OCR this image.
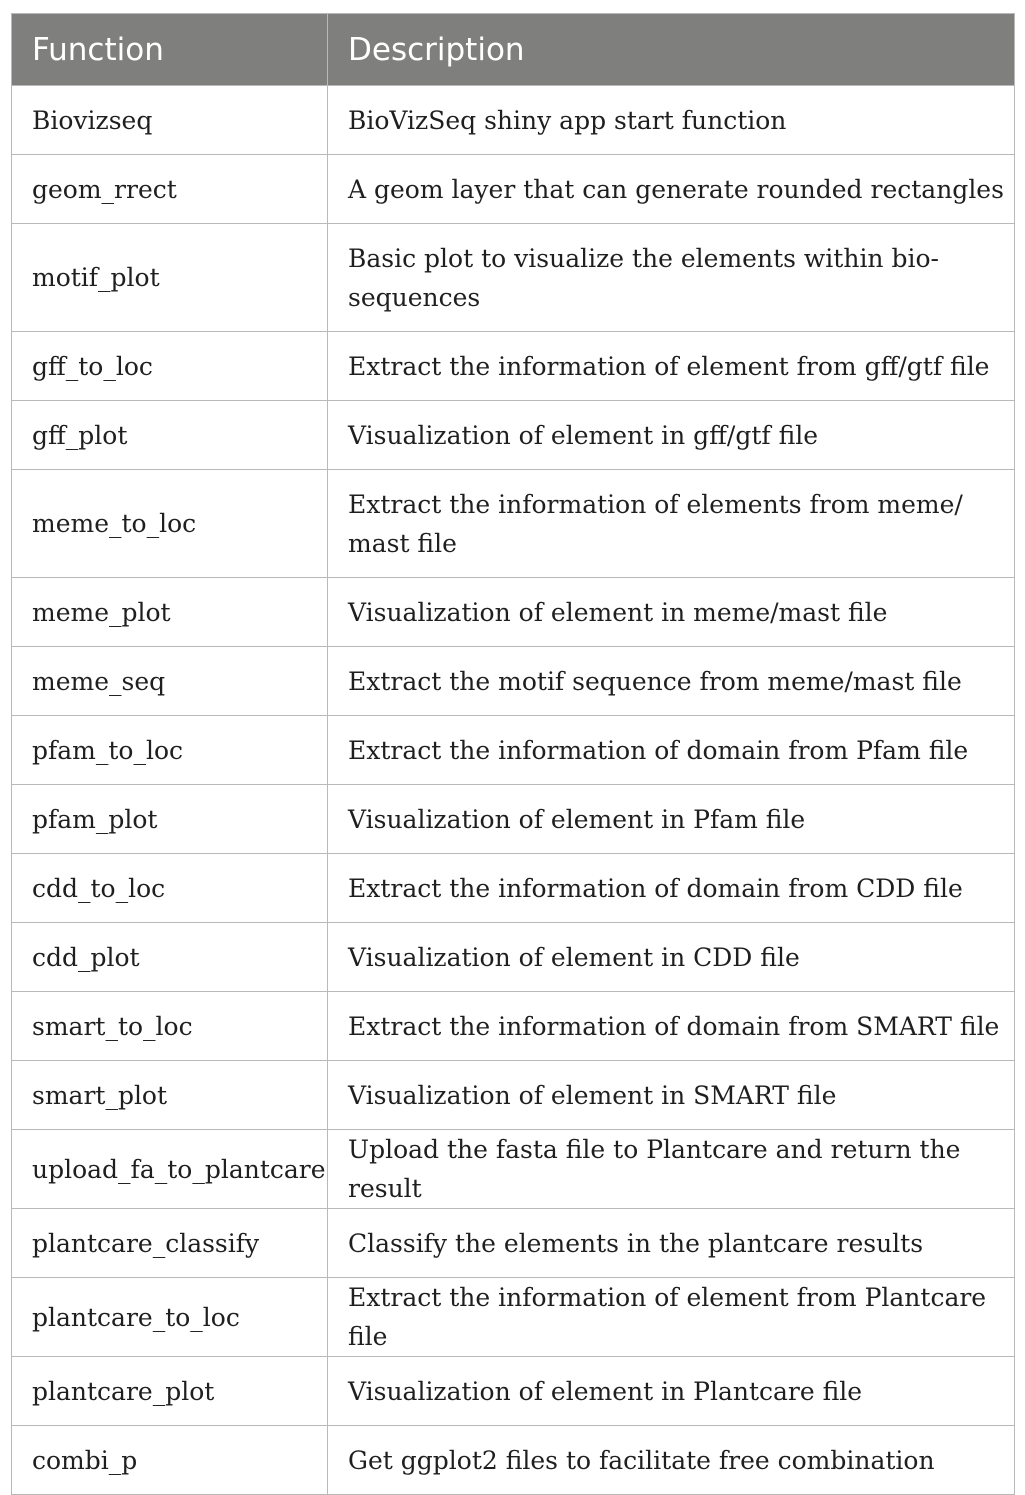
Function	Description
Biovizseq	BioVizSeq shiny app start function
geom_rrect	A geom layer that can generate rounded rectangles
motif_plot	Basic plot to visualize the elements within bio-sequences
gff_to_loc	Extract the information of element from gff/gtf file
gff_plot	Visualization of element in gff/gtf file
meme_to_loc	Extract the information of elements from meme/ mast file
meme_plot	Visualization of element in meme/mast file
meme_seq	Extract the motif sequence from meme/mast file
pfam_to_loc	Extract the information of domain from Pfam file
pfam_plot	Visualization of element in Pfam file
cdd_to_loc	Extract the information of domain from CDD file
cdd_plot	Visualization of element in CDD file
smart_to_loc	Extract the information of domain from SMART file
smart_plot	Visualization of element in SMART file
upload_fa_to_plantcare	Upload the fasta file to Plantcare and return the result
plantcare_classify	Classify the elements in the plantcare results
plantcare_to_loc	Extract the information of element from Plantcare file
plantcare_plot	Visualization of element in Plantcare file
combi_p	Get ggplot2 files to facilitate free combination
